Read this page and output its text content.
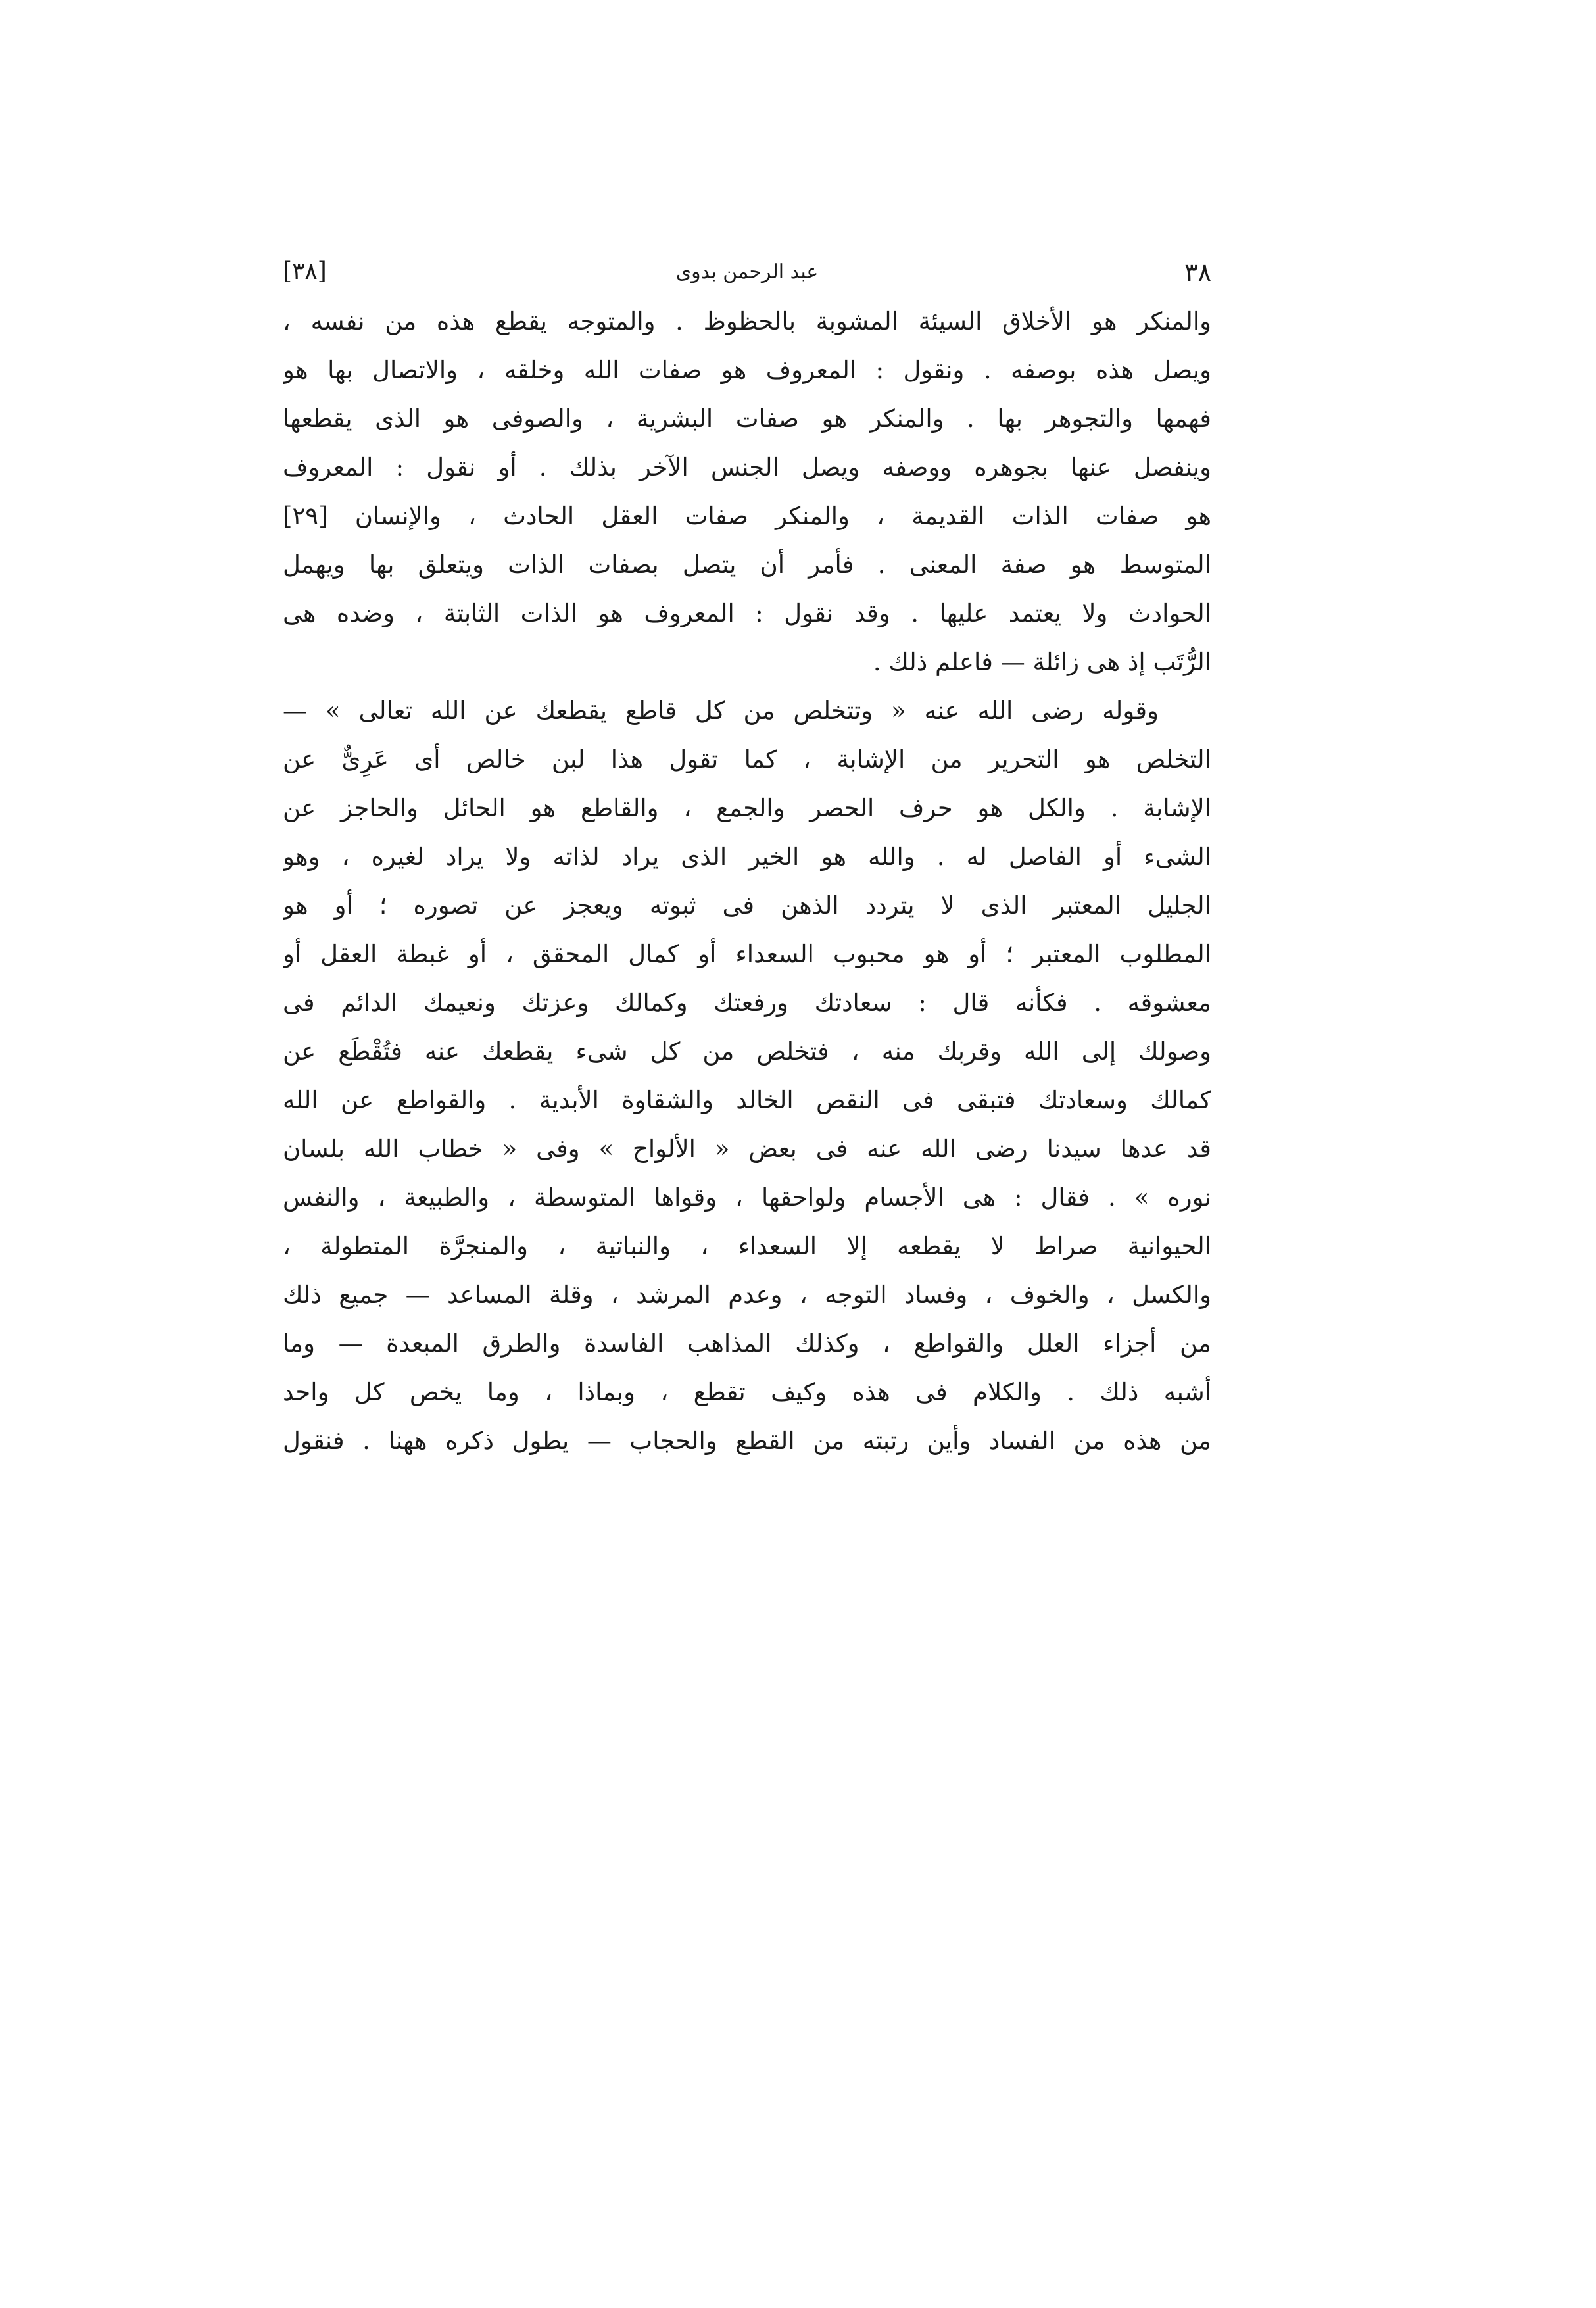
٣٨
عبد الرحمن بدوى
[٣٨]
والمنكر هو الأخلاق السيئة المشوبة بالحظوظ . والمتوجه يقطع هذه من نفسه ،
ويصل هذه بوصفه . ونقول : المعروف هو صفات الله وخلقه ، والاتصال بها هو
فهمها والتجوهر بها . والمنكر هو صفات البشرية ، والصوفى هو الذى يقطعها
وينفصل عنها بجوهره ووصفه ويصل الجنس الآخر بذلك . أو نقول : المعروف
هو صفات الذات القديمة ، والمنكر صفات العقل الحادث ، والإنسان [٢٩]
المتوسط هو صفة المعنى . فأمر أن يتصل بصفات الذات ويتعلق بها ويهمل
الحوادث ولا يعتمد عليها . وقد نقول : المعروف هو الذات الثابتة ، وضده هى
الرُّتَب إذ هى زائلة — فاعلم ذلك .
وقوله رضى الله عنه « وتتخلص من كل قاطع يقطعك عن الله تعالى » —
التخلص هو التحرير من الإشابة ، كما تقول هذا لبن خالص أى عَرِىٌّ عن
الإشابة . والكل هو حرف الحصر والجمع ، والقاطع هو الحائل والحاجز عن
الشىء أو الفاصل له . والله هو الخير الذى يراد لذاته ولا يراد لغيره ، وهو
الجليل المعتبر الذى لا يتردد الذهن فى ثبوته ويعجز عن تصوره ؛ أو هو
المطلوب المعتبر ؛ أو هو محبوب السعداء أو كمال المحقق ، أو غبطة العقل أو
معشوقه . فكأنه قال : سعادتك ورفعتك وكمالك وعزتك ونعيمك الدائم فى
وصولك إلى الله وقربك منه ، فتخلص من كل شىء يقطعك عنه فتُقْطَع عن
كمالك وسعادتك فتبقى فى النقص الخالد والشقاوة الأبدية . والقواطع عن الله
قد عدها سيدنا رضى الله عنه فى بعض « الألواح » وفى « خطاب الله بلسان
نوره » . فقال : هى الأجسام ولواحقها ، وقواها المتوسطة ، والطبيعة ، والنفس
الحيوانية صراط لا يقطعه إلا السعداء ، والنباتية ، والمنجرَّة المتطولة ،
والكسل ، والخوف ، وفساد التوجه ، وعدم المرشد ، وقلة المساعد — جميع ذلك
من أجزاء العلل والقواطع ، وكذلك المذاهب الفاسدة والطرق المبعدة — وما
أشبه ذلك . والكلام فى هذه وكيف تقطع ، وبماذا ، وما يخص كل واحد
من هذه من الفساد وأين رتبته من القطع والحجاب — يطول ذكره ههنا . فنقول
